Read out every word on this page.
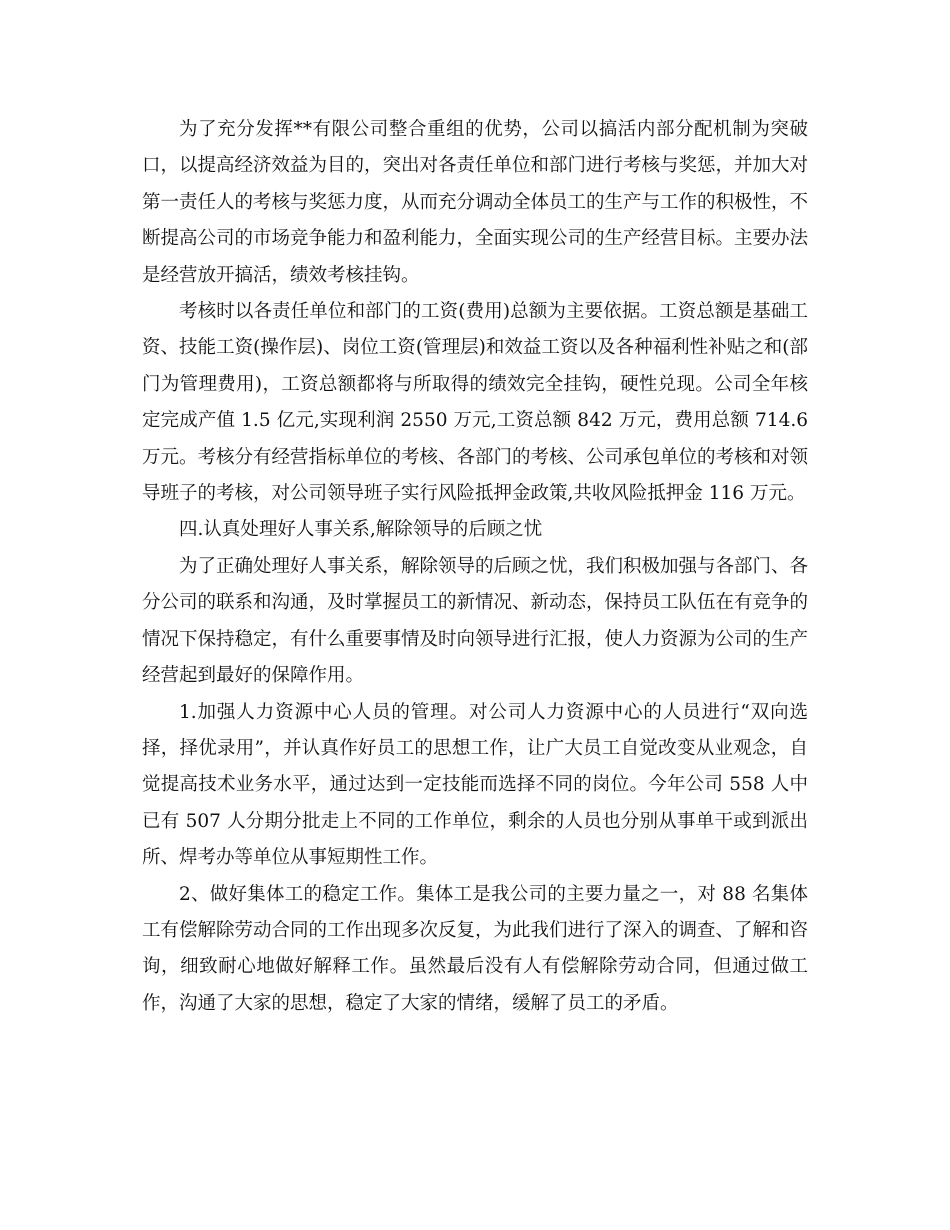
为了充分发挥**有限公司整合重组的优势，公司以搞活内部分配机制为突破口，以提高经济效益为目的，突出对各责任单位和部门进行考核与奖惩，并加大对第一责任人的考核与奖惩力度，从而充分调动全体员工的生产与工作的积极性，不断提高公司的市场竞争能力和盈利能力，全面实现公司的生产经营目标。主要办法是经营放开搞活，绩效考核挂钩。

考核时以各责任单位和部门的工资(费用)总额为主要依据。工资总额是基础工资、技能工资(操作层)、岗位工资(管理层)和效益工资以及各种福利性补贴之和(部门为管理费用)，工资总额都将与所取得的绩效完全挂钩，硬性兑现。公司全年核定完成产值 1.5 亿元,实现利润 2550 万元,工资总额 842 万元，费用总额 714.6 万元。考核分有经营指标单位的考核、各部门的考核、公司承包单位的考核和对领导班子的考核，对公司领导班子实行风险抵押金政策,共收风险抵押金 116 万元。

四.认真处理好人事关系,解除领导的后顾之忧

为了正确处理好人事关系，解除领导的后顾之忧，我们积极加强与各部门、各分公司的联系和沟通，及时掌握员工的新情况、新动态，保持员工队伍在有竞争的情况下保持稳定，有什么重要事情及时向领导进行汇报，使人力资源为公司的生产经营起到最好的保障作用。

1.加强人力资源中心人员的管理。对公司人力资源中心的人员进行“双向选择，择优录用”，并认真作好员工的思想工作，让广大员工自觉改变从业观念，自觉提高技术业务水平，通过达到一定技能而选择不同的岗位。今年公司 558 人中已有 507 人分期分批走上不同的工作单位，剩余的人员也分别从事单干或到派出所、焊考办等单位从事短期性工作。

2、做好集体工的稳定工作。集体工是我公司的主要力量之一，对 88 名集体工有偿解除劳动合同的工作出现多次反复，为此我们进行了深入的调查、了解和咨询，细致耐心地做好解释工作。虽然最后没有人有偿解除劳动合同，但通过做工作，沟通了大家的思想，稳定了大家的情绪，缓解了员工的矛盾。
